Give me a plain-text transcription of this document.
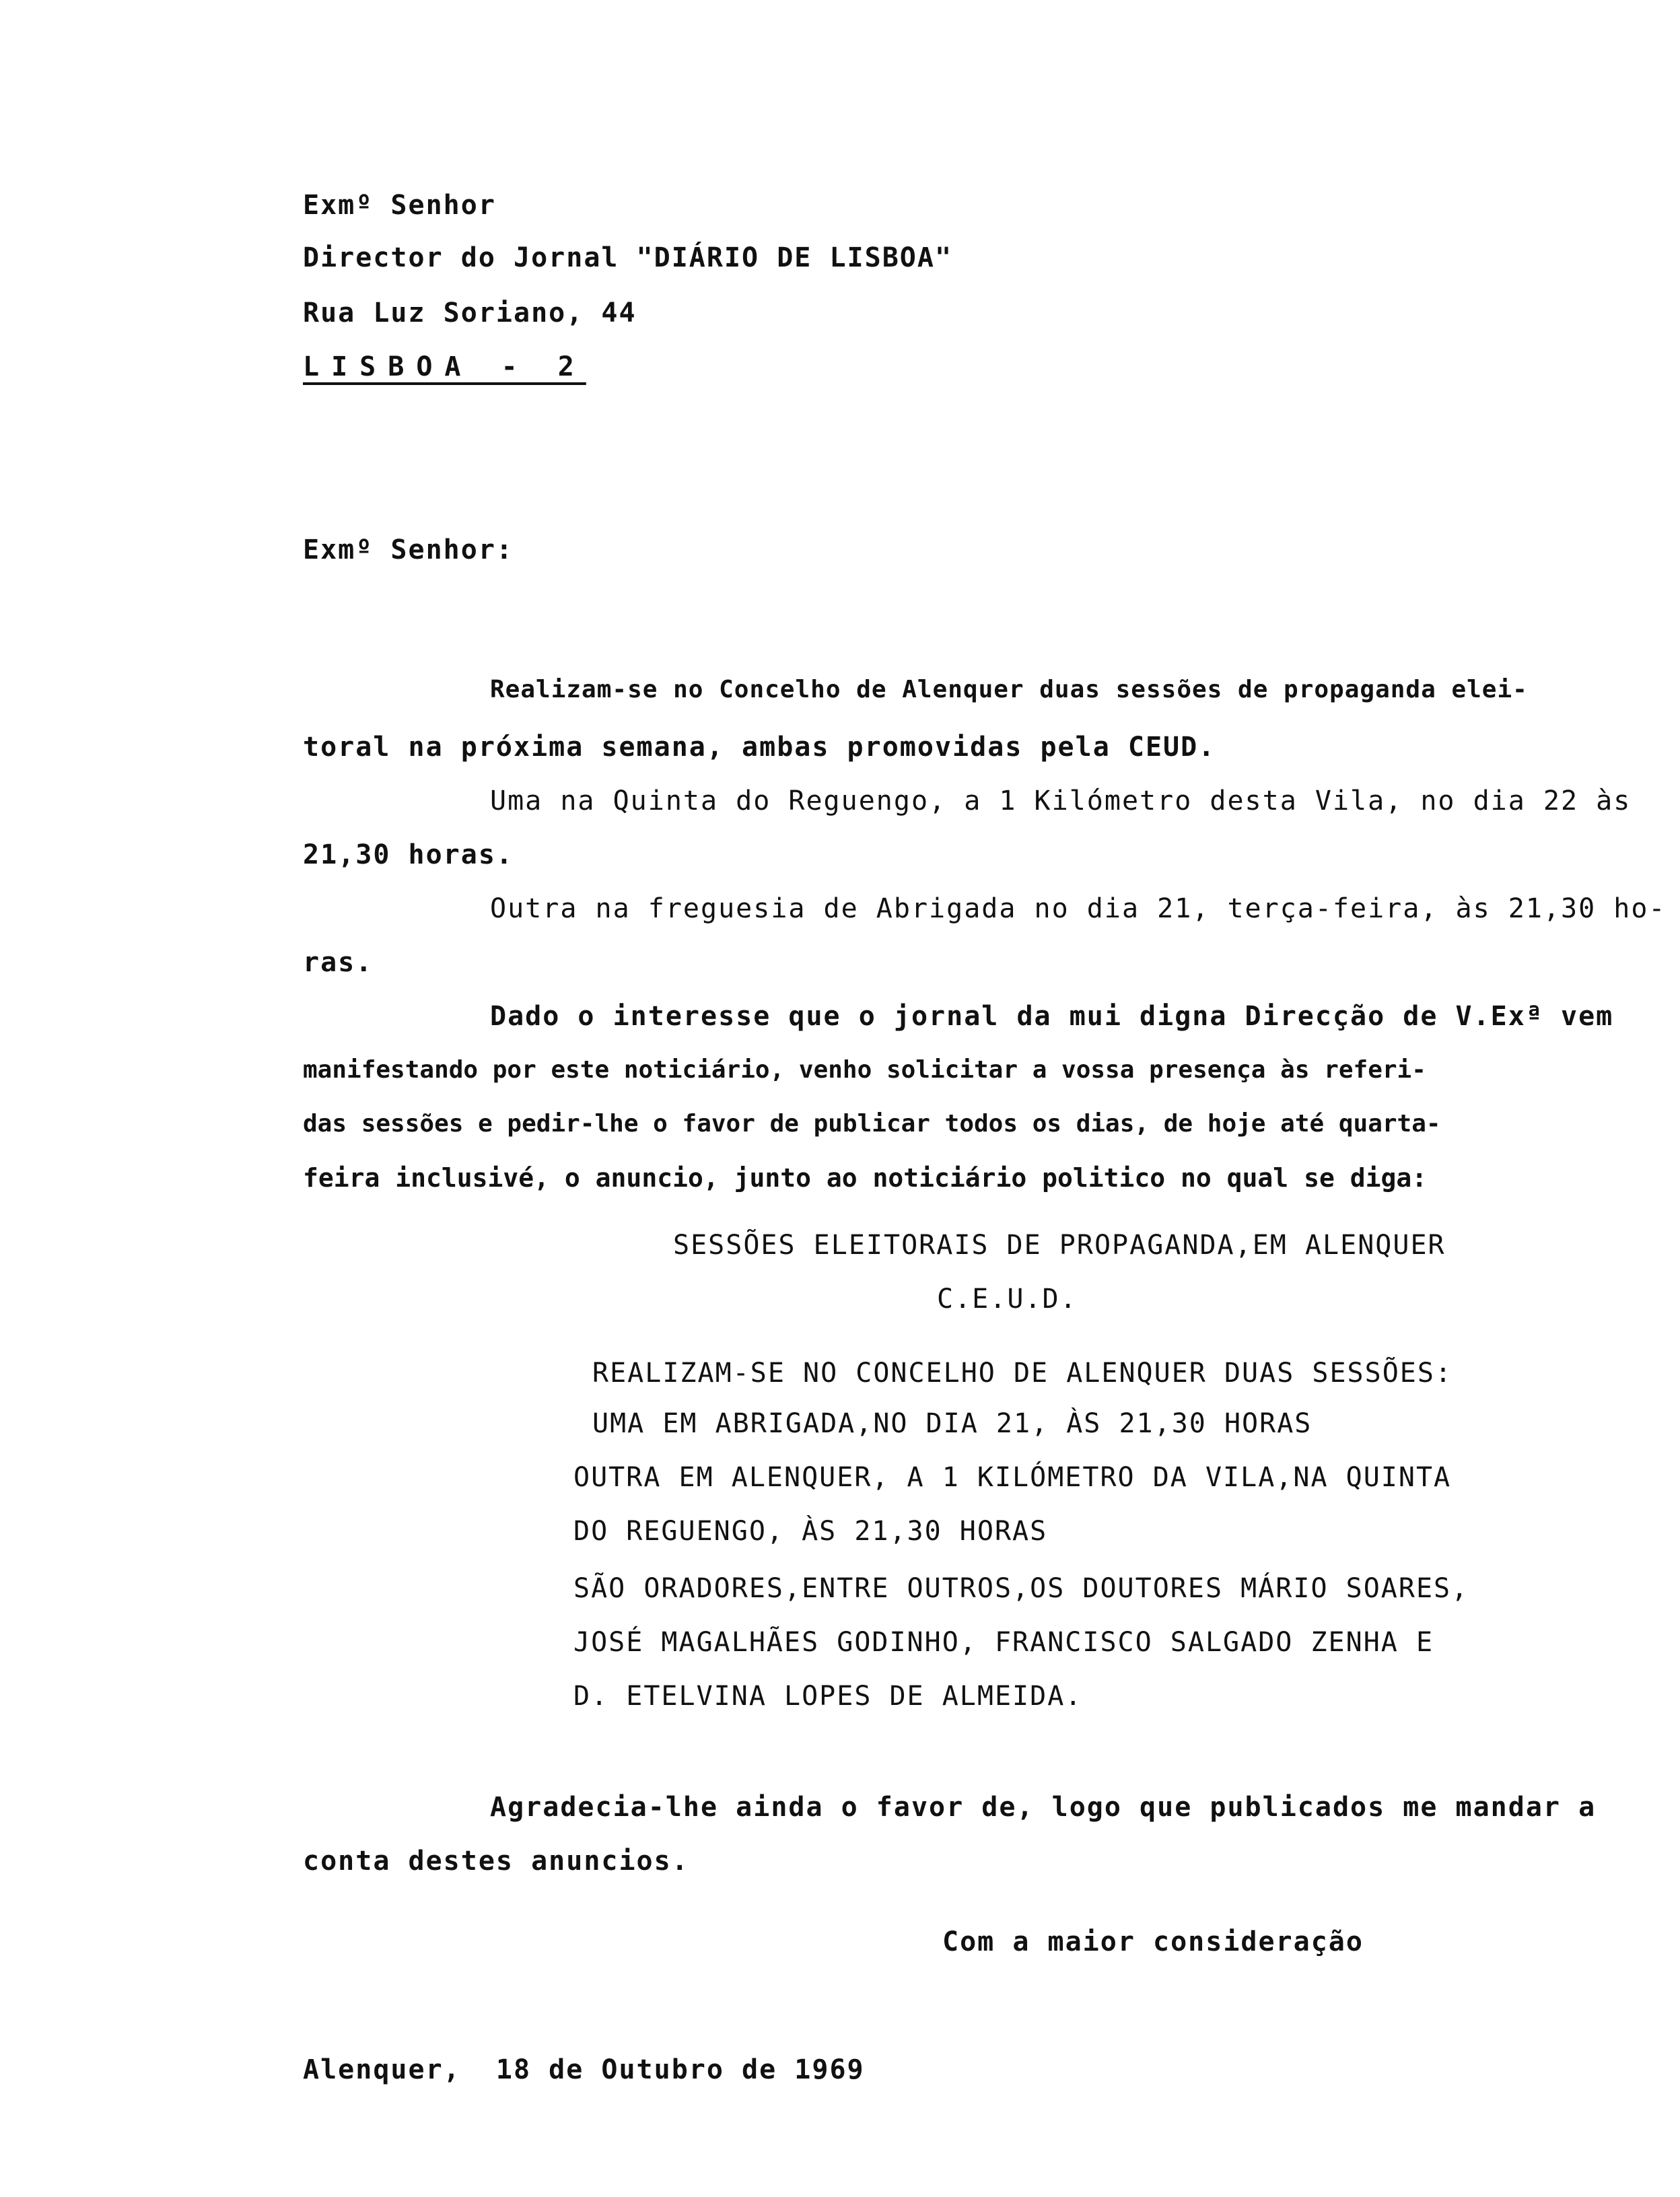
Exmº Senhor
Director do Jornal "DIÁRIO DE LISBOA"
Rua Luz Soriano, 44
LISBOA - 2
Exmº Senhor:
Realizam-se no Concelho de Alenquer duas sessões de propaganda elei-
toral na próxima semana, ambas promovidas pela CEUD.
Uma na Quinta do Reguengo, a 1 Kilómetro desta Vila, no dia 22 às
21,30 horas.
Outra na freguesia de Abrigada no dia 21, terça-feira, às 21,30 ho-
ras.
Dado o interesse que o jornal da mui digna Direcção de V.Exª vem
manifestando por este noticiário, venho solicitar a vossa presença às referi-
das sessões e pedir-lhe o favor de publicar todos os dias, de hoje até quarta-
feira inclusivé, o anuncio, junto ao noticiário politico no qual se diga:
SESSÕES ELEITORAIS DE PROPAGANDA,EM ALENQUER
C.E.U.D.
REALIZAM-SE NO CONCELHO DE ALENQUER DUAS SESSÕES:
UMA EM ABRIGADA,NO DIA 21, ÀS 21,30 HORAS
OUTRA EM ALENQUER, A 1 KILÓMETRO DA VILA,NA QUINTA
DO REGUENGO, ÀS 21,30 HORAS
SÃO ORADORES,ENTRE OUTROS,OS DOUTORES MÁRIO SOARES,
JOSÉ MAGALHÃES GODINHO, FRANCISCO SALGADO ZENHA E
D. ETELVINA LOPES DE ALMEIDA.
Agradecia-lhe ainda o favor de, logo que publicados me mandar a
conta destes anuncios.
Com a maior consideração
Alenquer,  18 de Outubro de 1969
